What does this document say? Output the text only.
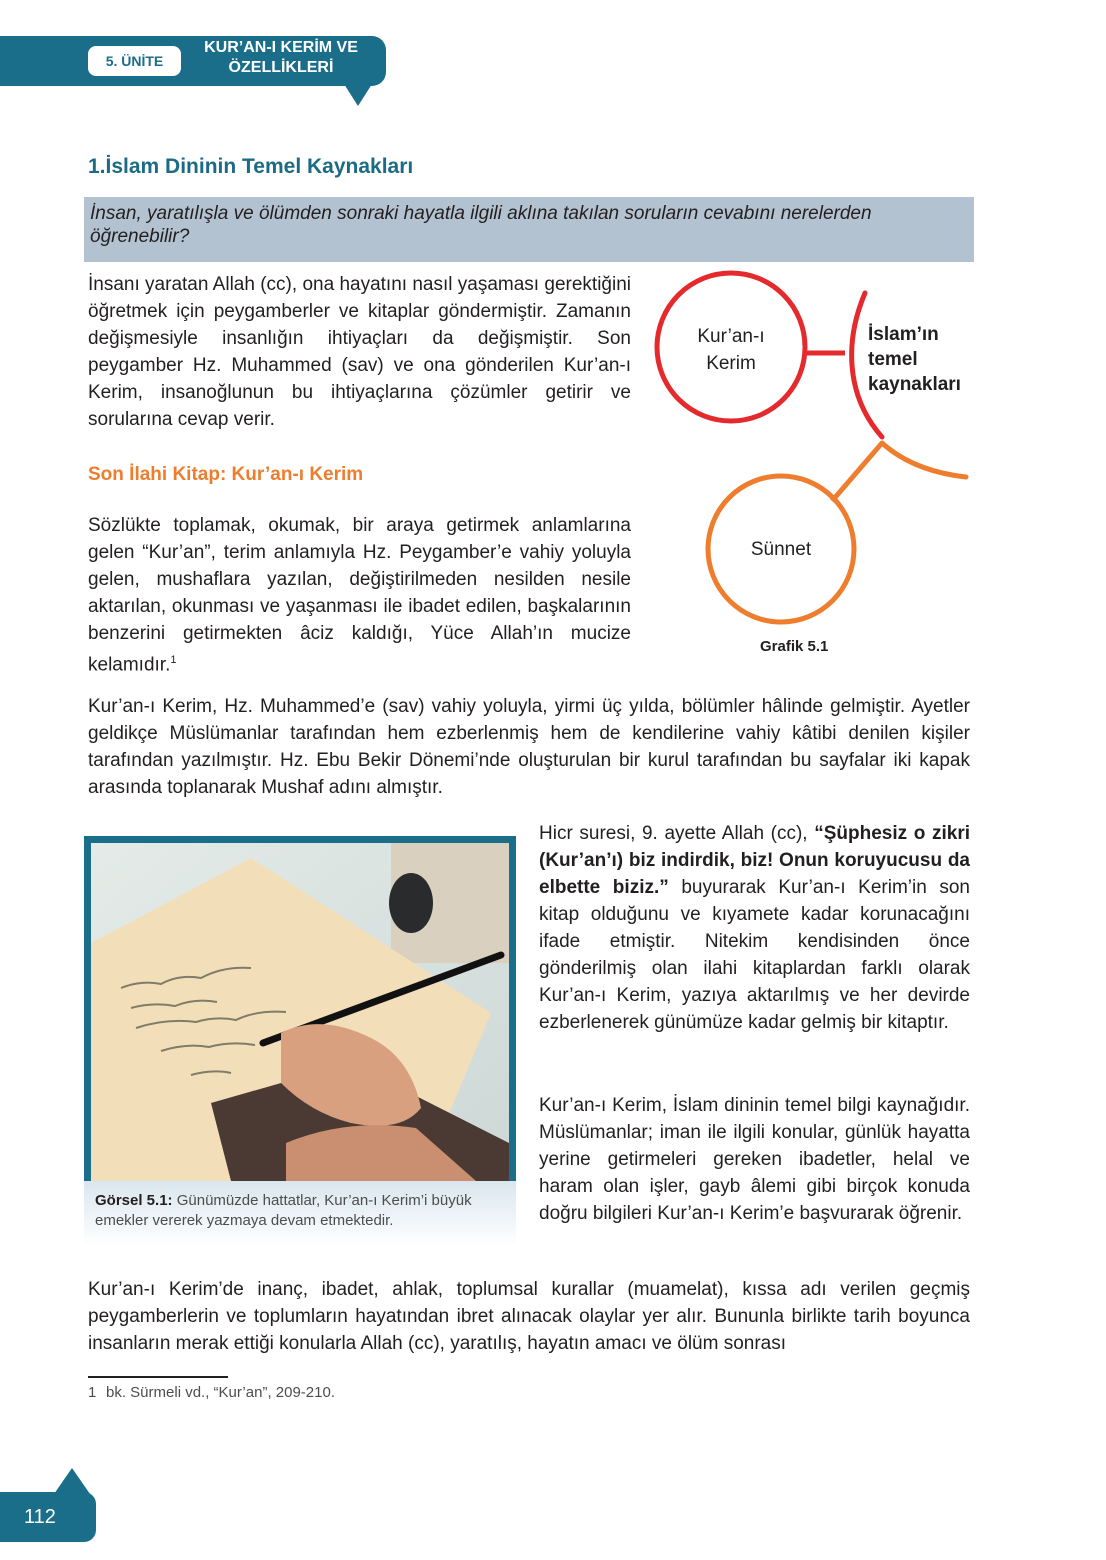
5. ÜNİTE
KUR’AN-I KERİM VE
ÖZELLİKLERİ
1.İslam Dininin Temel Kaynakları
İnsan, yaratılışla ve ölümden sonraki hayatla ilgili aklına takılan soruların cevabını nerelerden öğrenebilir?

İnsanı yaratan Allah (cc), ona hayatını nasıl yaşaması gerektiğini öğretmek için peygamberler ve kitaplar göndermiştir. Zamanın değişmesiyle insanlığın ihtiyaçları da değişmiştir. Son peygamber Hz. Muhammed (sav) ve ona gönderilen Kur’an-ı Kerim, insanoğlunun bu ihtiyaçlarına çözümler getirir ve sorularına cevap verir.

Son İlahi Kitap: Kur’an-ı Kerim

Sözlükte toplamak, okumak, bir araya getirmek anlamlarına gelen “Kur’an”, terim anlamıyla Hz. Peygamber’e vahiy yoluyla gelen, mushaflara yazılan, değiştirilmeden nesilden nesile aktarılan, okunması ve yaşanması ile ibadet edilen, başkalarının benzerini getirmekten âciz kaldığı, Yüce Allah’ın mucize kelamıdır.$^1$

Kur’an-ı
Kerim
İslam’ın
temel
kaynakları
Sünnet
Grafik 5.1

Kur’an-ı Kerim, Hz. Muhammed’e (sav) vahiy yoluyla, yirmi üç yılda, bölümler hâlinde gelmiştir. Ayetler geldikçe Müslümanlar tarafından hem ezberlenmiş hem de kendilerine vahiy kâtibi denilen kişiler tarafından yazılmıştır. Hz. Ebu Bekir Dönemi’nde oluşturulan bir kurul tarafından bu sayfalar iki kapak arasında toplanarak Mushaf adını almıştır.

Görsel 5.1: Günümüzde hattatlar, Kur’an-ı Kerim’i büyük emekler vererek yazmaya devam etmektedir.

Hicr suresi, 9. ayette Allah (cc), “Şüphesiz o zikri (Kur’an’ı) biz indirdik, biz! Onun koruyucusu da elbette biziz.” buyurarak Kur’an-ı Kerim’in son kitap olduğunu ve kıyamete kadar korunacağını ifade etmiştir. Nitekim kendisinden önce gönderilmiş olan ilahi kitaplardan farklı olarak Kur’an-ı Kerim, yazıya aktarılmış ve her devirde ezberlenerek günümüze kadar gelmiş bir kitaptır.

Kur’an-ı Kerim, İslam dininin temel bilgi kaynağıdır. Müslümanlar; iman ile ilgili konular, günlük hayatta yerine getirmeleri gereken ibadetler, helal ve haram olan işler, gayb âlemi gibi birçok konuda doğru bilgileri Kur’an-ı Kerim’e başvurarak öğrenir.

Kur’an-ı Kerim’de inanç, ibadet, ahlak, toplumsal kurallar (muamelat), kıssa adı verilen geçmiş peygamberlerin ve toplumların hayatından ibret alınacak olaylar yer alır. Bununla birlikte tarih boyunca insanların merak ettiği konularla Allah (cc), yaratılış, hayatın amacı ve ölüm sonrası

1 bk. Sürmeli vd., “Kur’an”, 209-210.
112
